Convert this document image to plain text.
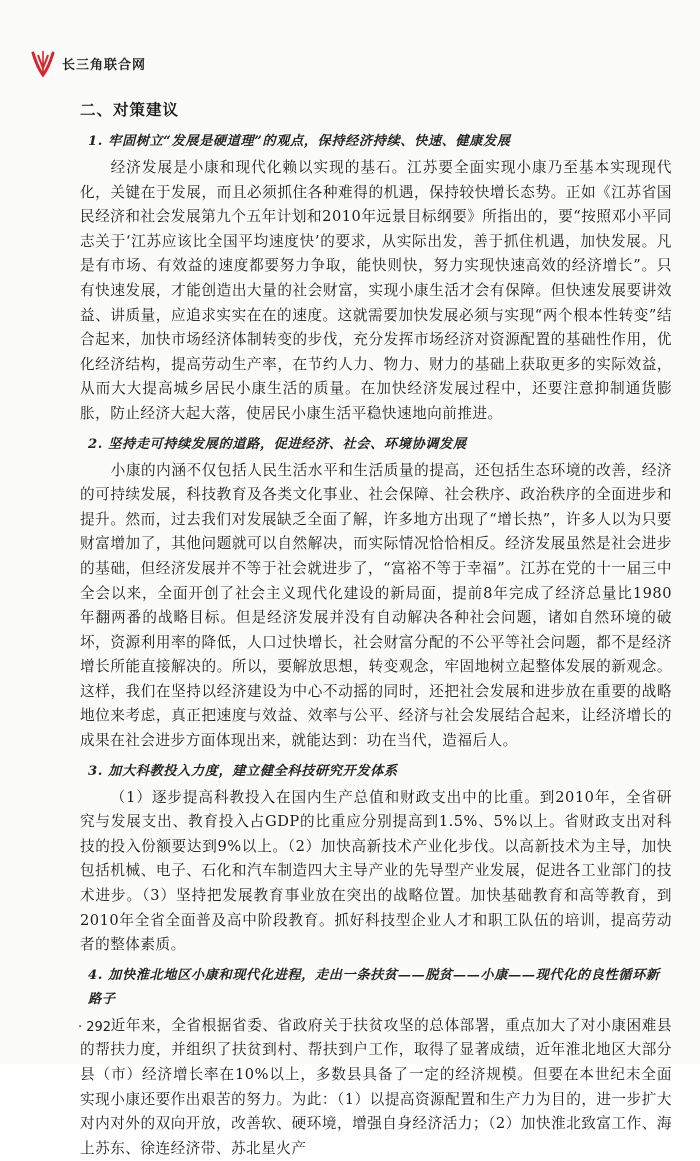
长三角联合网
二、对策建议
1. 牢固树立“发展是硬道理”的观点，保持经济持续、快速、健康发展

经济发展是小康和现代化赖以实现的基石。江苏要全面实现小康乃至基本实现现代化，关键在于发展，而且必须抓住各种难得的机遇，保持较快增长态势。正如《江苏省国民经济和社会发展第九个五年计划和2010年远景目标纲要》所指出的，要“按照邓小平同志关于‘江苏应该比全国平均速度快’的要求，从实际出发，善于抓住机遇，加快发展。凡是有市场、有效益的速度都要努力争取，能快则快，努力实现快速高效的经济增长”。只有快速发展，才能创造出大量的社会财富，实现小康生活才会有保障。但快速发展要讲效益、讲质量，应追求实实在在的速度。这就需要加快发展必须与实现“两个根本性转变”结合起来，加快市场经济体制转变的步伐，充分发挥市场经济对资源配置的基础性作用，优化经济结构，提高劳动生产率，在节约人力、物力、财力的基础上获取更多的实际效益，从而大大提高城乡居民小康生活的质量。在加快经济发展过程中，还要注意抑制通货膨胀，防止经济大起大落，使居民小康生活平稳快速地向前推进。

2. 坚持走可持续发展的道路，促进经济、社会、环境协调发展

小康的内涵不仅包括人民生活水平和生活质量的提高，还包括生态环境的改善，经济的可持续发展，科技教育及各类文化事业、社会保障、社会秩序、政治秩序的全面进步和提升。然而，过去我们对发展缺乏全面了解，许多地方出现了“增长热”，许多人以为只要财富增加了，其他问题就可以自然解决，而实际情况恰恰相反。经济发展虽然是社会进步的基础，但经济发展并不等于社会就进步了，“富裕不等于幸福”。江苏在党的十一届三中全会以来，全面开创了社会主义现代化建设的新局面，提前8年完成了经济总量比1980年翻两番的战略目标。但是经济发展并没有自动解决各种社会问题，诸如自然环境的破坏，资源利用率的降低，人口过快增长，社会财富分配的不公平等社会问题，都不是经济增长所能直接解决的。所以，要解放思想，转变观念，牢固地树立起整体发展的新观念。这样，我们在坚持以经济建设为中心不动摇的同时，还把社会发展和进步放在重要的战略地位来考虑，真正把速度与效益、效率与公平、经济与社会发展结合起来，让经济增长的成果在社会进步方面体现出来，就能达到：功在当代，造福后人。

3. 加大科教投入力度，建立健全科技研究开发体系

（1）逐步提高科教投入在国内生产总值和财政支出中的比重。到2010年，全省研究与发展支出、教育投入占GDP的比重应分别提高到1.5%、5%以上。省财政支出对科技的投入份额要达到9%以上。（2）加快高新技术产业化步伐。以高新技术为主导，加快包括机械、电子、石化和汽车制造四大主导产业的先导型产业发展，促进各工业部门的技术进步。（3）坚持把发展教育事业放在突出的战略位置。加快基础教育和高等教育，到2010年全省全面普及高中阶段教育。抓好科技型企业人才和职工队伍的培训，提高劳动者的整体素质。

4. 加快淮北地区小康和现代化进程，走出一条扶贫——脱贫——小康——现代化的良性循环新路子

近年来，全省根据省委、省政府关于扶贫攻坚的总体部署，重点加大了对小康困难县的帮扶力度，并组织了扶贫到村、帮扶到户工作，取得了显著成绩，近年淮北地区大部分县（市）经济增长率在10%以上，多数县具备了一定的经济规模。但要在本世纪末全面实现小康还要作出艰苦的努力。为此：（1）以提高资源配置和生产力为目的，进一步扩大对内对外的双向开放，改善软、硬环境，增强自身经济活力；（2）加快淮北致富工作、海上苏东、徐连经济带、苏北星火产

· 292 ·
